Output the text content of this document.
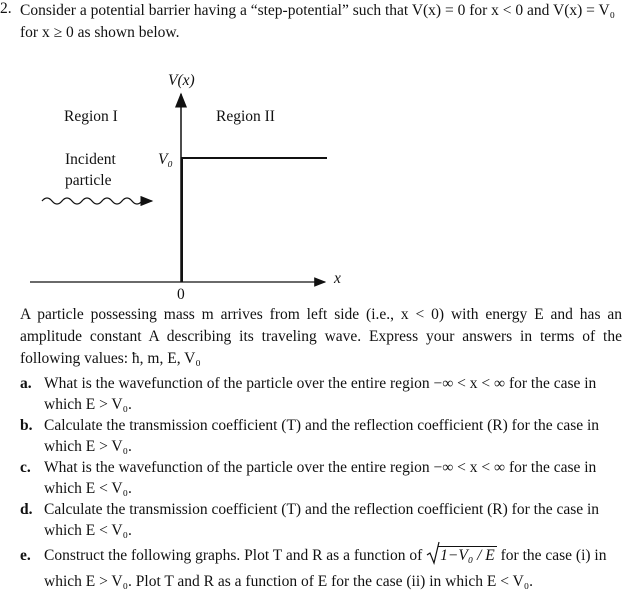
2. Consider a potential barrier having a “step-potential” such that V(x) = 0 for x < 0 and V(x) = V₀ for x ≥ 0 as shown below.
V(x)
Region I	Region II
Incident
particle
V₀
x
0
A particle possessing mass m arrives from left side (i.e., x < 0) with energy E and has an amplitude constant A describing its traveling wave. Express your answers in terms of the following values: ħ, m, E, V₀
a. What is the wavefunction of the particle over the entire region −∞ < x < ∞ for the case in which E > V₀.
b. Calculate the transmission coefficient (T) and the reflection coefficient (R) for the case in which E > V₀.
c. What is the wavefunction of the particle over the entire region −∞ < x < ∞ for the case in which E < V₀.
d. Calculate the transmission coefficient (T) and the reflection coefficient (R) for the case in which E < V₀.
e. Construct the following graphs. Plot T and R as a function of 1−V₀ / E for the case (i) in which E > V₀. Plot T and R as a function of E for the case (ii) in which E < V₀.
